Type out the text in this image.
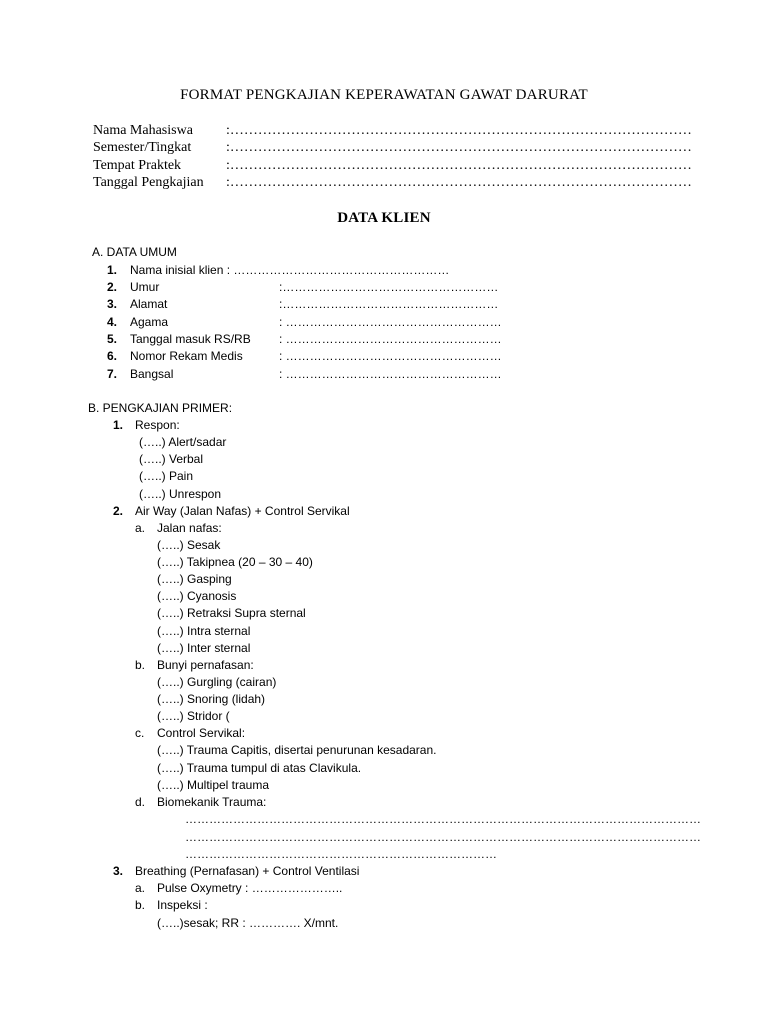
FORMAT PENGKAJIAN KEPERAWATAN GAWAT DARURAT
Nama Mahasiswa :………………………………………………………………………………………
Semester/Tingkat :………………………………………………………………………………………
Tempat Praktek	:………………………………………………………………………………………
Tanggal Pengkajian :………………………………………………………………………………………
DATA KLIEN
A. DATA UMUM
1. Nama inisial klien : ………………………………………………
2. Umur	:………………………………………………
3. Alamat	:………………………………………………
4. Agama	: ………………………………………………
5. Tanggal masuk RS/RB : ………………………………………………
6. Nomor Rekam Medis	: ………………………………………………
7. Bangsal	: ………………………………………………
B. PENGKAJIAN PRIMER:
1. Respon:
(…..) Alert/sadar
(…..) Verbal
(…..) Pain
(…..) Unrespon
2. Air Way (Jalan Nafas) + Control Servikal
a. Jalan nafas:
(…..) Sesak
(…..) Takipnea (20 – 30 – 40)
(…..) Gasping
(…..) Cyanosis
(…..) Retraksi Supra sternal
(…..) Intra sternal
(…..) Inter sternal
b. Bunyi pernafasan:
(…..) Gurgling (cairan)
(…..) Snoring (lidah)
(…..) Stridor (
c. Control Servikal:
(…..) Trauma Capitis, disertai penurunan kesadaran.
(…..) Trauma tumpul di atas Clavikula.
(…..) Multipel trauma
d. Biomekanik Trauma:
…………………………………………………………………………………………………………………
…………………………………………………………………………………………………………………
……………………………………………………………………
3. Breathing (Pernafasan) + Control Ventilasi
a. Pulse Oxymetry : …………………..
b. Inspeksi :
(…..)sesak; RR : …………. X/mnt.
